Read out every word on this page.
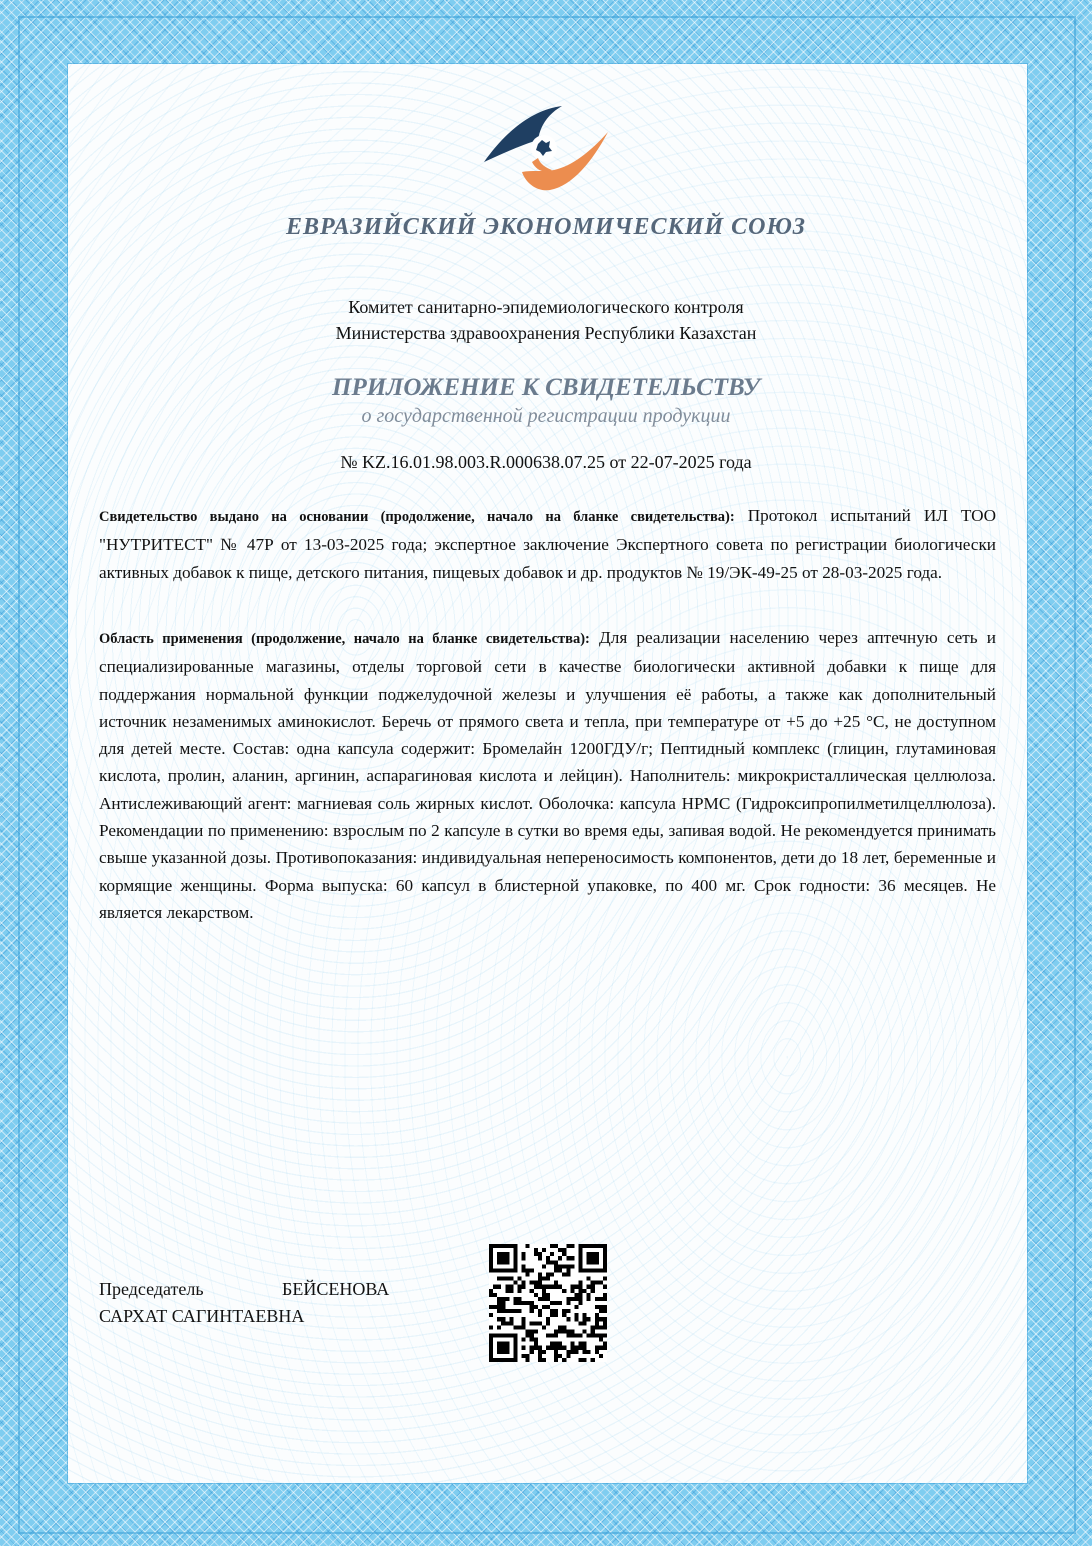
ЕВРАЗИЙСКИЙ ЭКОНОМИЧЕСКИЙ СОЮЗ
Комитет санитарно-эпидемиологического контроля
Министерства здравоохранения Республики Казахстан
ПРИЛОЖЕНИЕ К СВИДЕТЕЛЬСТВУ
о государственной регистрации продукции
№ KZ.16.01.98.003.R.000638.07.25 от 22-07-2025 года
Свидетельство выдано на основании (продолжение, начало на бланке свидетельства): Протокол испытаний ИЛ ТОО "НУТРИТЕСТ" № 47Р от 13-03-2025 года; экспертное заключение Экспертного совета по регистрации биологически активных добавок к пище, детского питания, пищевых добавок и др. продуктов № 19/ЭК-49-25 от 28-03-2025 года.
Область применения (продолжение, начало на бланке свидетельства): Для реализации населению через аптечную сеть и специализированные магазины, отделы торговой сети в качестве биологически активной добавки к пище для поддержания нормальной функции поджелудочной железы и улучшения её работы, а также как дополнительный источник незаменимых аминокислот. Беречь от прямого света и тепла, при температуре от +5 до +25 °С, не доступном для детей месте. Состав: одна капсула содержит: Бромелайн 1200ГДУ/г; Пептидный комплекс (глицин, глутаминовая кислота, пролин, аланин, аргинин, аспарагиновая кислота и лейцин). Наполнитель: микрокристаллическая целлюлоза. Антислеживающий агент: магниевая соль жирных кислот. Оболочка: капсула HPMC (Гидроксипропилметилцеллюлоза). Рекомендации по применению: взрослым по 2 капсуле в сутки во время еды, запивая водой. Не рекомендуется принимать свыше указанной дозы. Противопоказания: индивидуальная непереносимость компонентов, дети до 18 лет, беременные и кормящие женщины. Форма выпуска: 60 капсул в блистерной упаковке, по 400 мг. Срок годности: 36 месяцев. Не является лекарством.
Председатель	БЕЙСЕНОВА
САРХАТ САГИНТАЕВНА
